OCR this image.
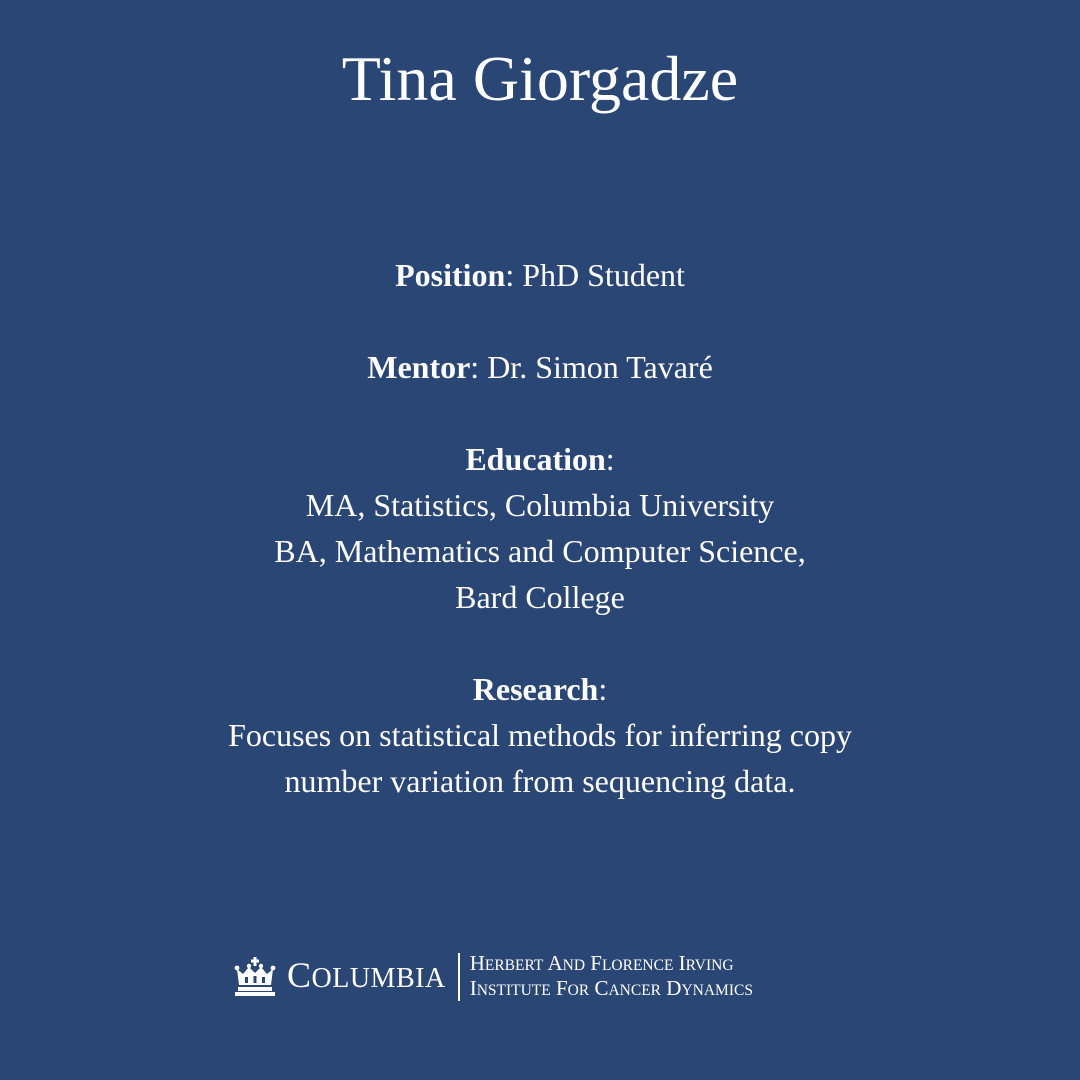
Tina Giorgadze

Position: PhD Student

Mentor: Dr. Simon Tavaré

Education:

MA, Statistics, Columbia University

BA, Mathematics and Computer Science,

Bard College

Research:

Focuses on statistical methods for inferring copy

number variation from sequencing data.

COLUMBIA HERBERT AND FLORENCE IRVING
INSTITUTE FOR CANCER DYNAMICS
